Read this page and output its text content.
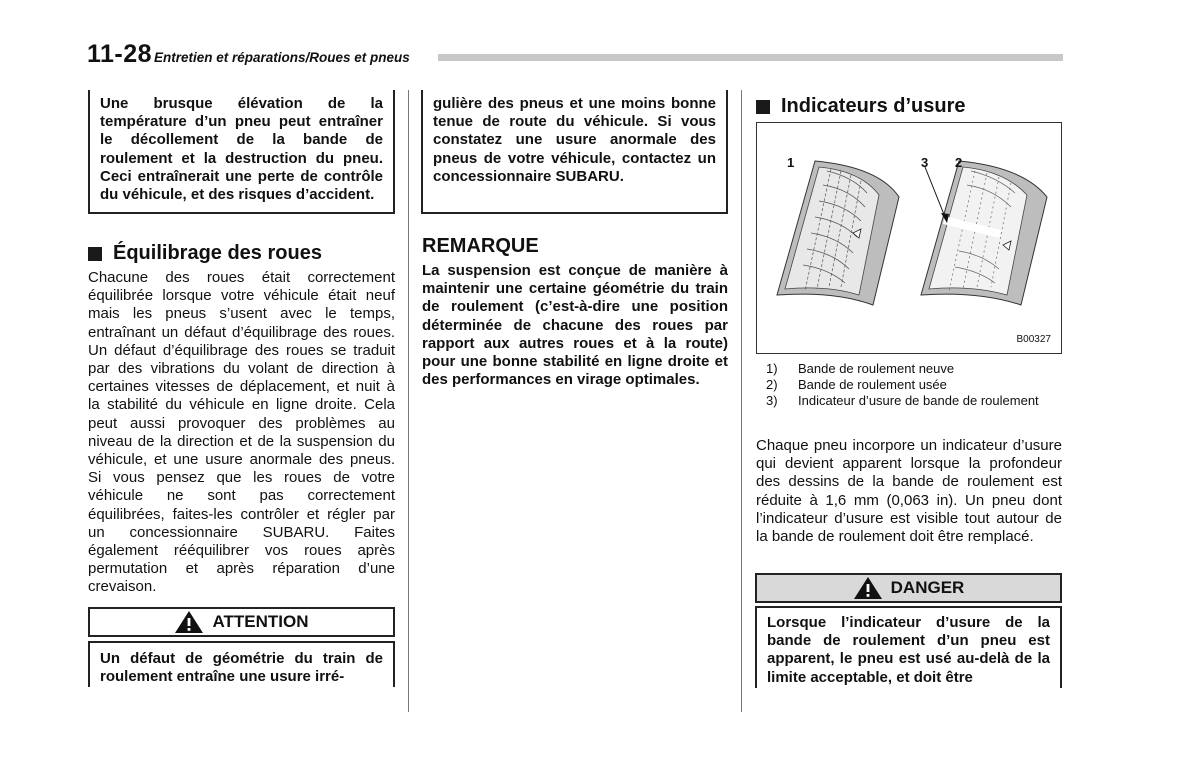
11-28 Entretien et réparations/Roues et pneus

Une brusque élévation de la température d’un pneu peut entraîner le décollement de la bande de roulement et la destruction du pneu. Ceci entraînerait une perte de contrôle du véhicule, et des risques d’accident.

Équilibrage des roues

Chacune des roues était correctement équilibrée lorsque votre véhicule était neuf mais les pneus s’usent avec le temps, entraînant un défaut d’équilibrage des roues. Un défaut d’équilibrage des roues se traduit par des vibrations du volant de direction à certaines vitesses de déplacement, et nuit à la stabilité du véhicule en ligne droite. Cela peut aussi provoquer des problèmes au niveau de la direction et de la suspension du véhicule, et une usure anormale des pneus. Si vous pensez que les roues de votre véhicule ne sont pas correctement équilibrées, faites-les contrôler et régler par un concessionnaire SUBARU. Faites également rééquilibrer vos roues après permutation et après réparation d’une crevaison.

ATTENTION

Un défaut de géométrie du train de roulement entraîne une usure irré-

gulière des pneus et une moins bonne tenue de route du véhicule. Si vous constatez une usure anormale des pneus de votre véhicule, contactez un concessionnaire SUBARU.

REMARQUE

La suspension est conçue de manière à maintenir une certaine géométrie du train de roulement (c’est-à-dire une position déterminée de chacune des roues par rapport aux autres roues et à la route) pour une bonne stabilité en ligne droite et des performances en virage optimales.

Indicateurs d’usure
1	3 2
B00327
1)	Bande de roulement neuve
2)	Bande de roulement usée
3)	Indicateur d’usure de bande de roulement

Chaque pneu incorpore un indicateur d’usure qui devient apparent lorsque la profondeur des dessins de la bande de roulement est réduite à 1,6 mm (0,063 in). Un pneu dont l’indicateur d’usure est visible tout autour de la bande de roulement doit être remplacé.

DANGER

Lorsque l’indicateur d’usure de la bande de roulement d’un pneu est apparent, le pneu est usé au-delà de la limite acceptable, et doit être
